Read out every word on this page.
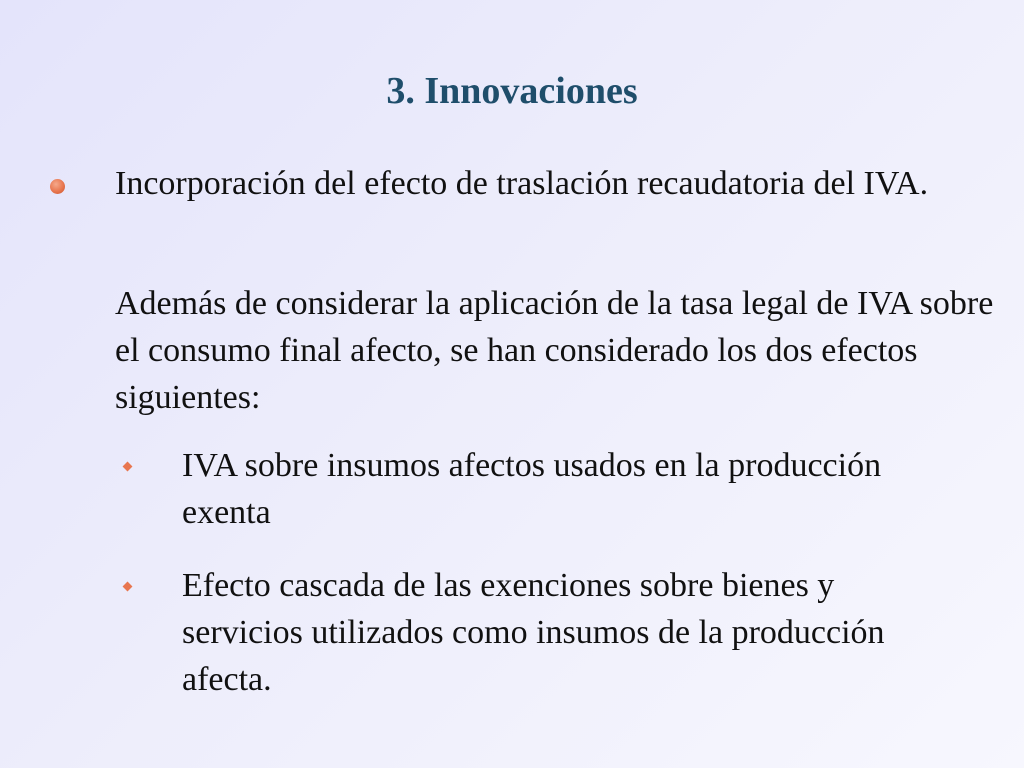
3. Innovaciones

Incorporación del efecto de traslación recaudatoria del IVA.

Además de considerar la aplicación de la tasa legal de IVA sobre el consumo final afecto, se han considerado los dos efectos siguientes:

IVA sobre insumos afectos usados en la producción exenta

Efecto cascada de las exenciones sobre bienes y servicios utilizados como insumos de la producción afecta.
